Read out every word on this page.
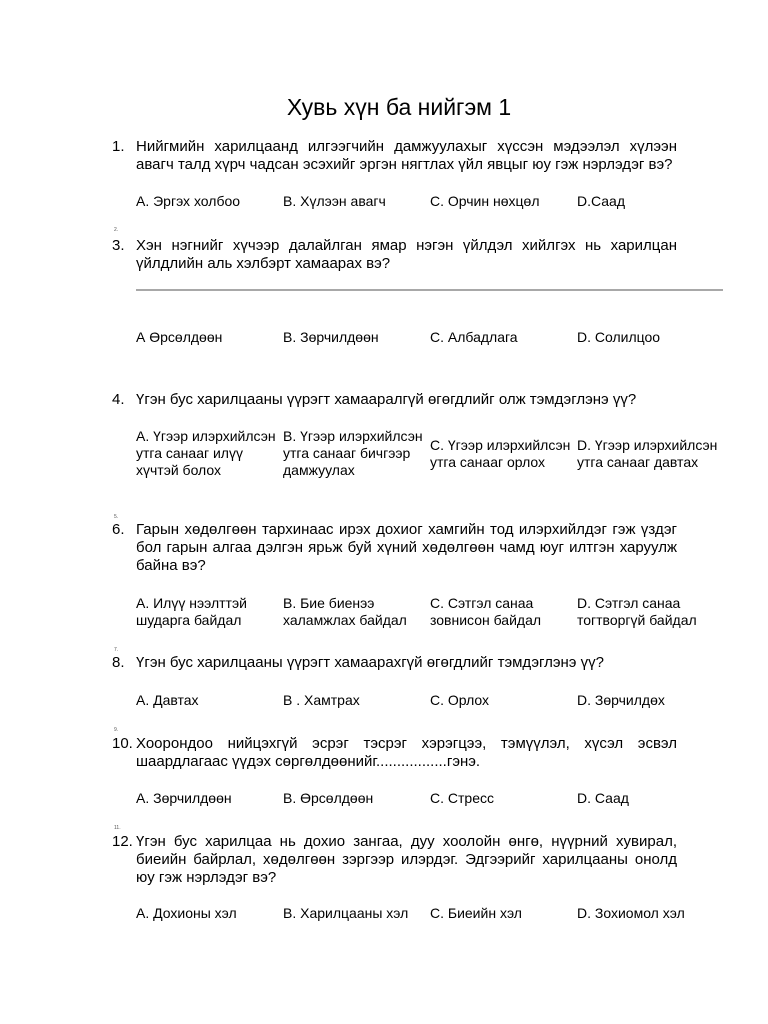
Хувь хүн ба нийгэм 1
1. Нийгмийн харилцаанд илгээгчийн дамжуулахыг хүссэн мэдээлэл хүлээн авагч талд хүрч чадсан эсэхийг эргэн нягтлах үйл явцыг юу гэж нэрлэдэг вэ?
А. Эргэх холбоо	В. Хүлээн авагч	С. Орчин нөхцөл	D.Саад
2.
3. Хэн нэгнийг хүчээр далайлган ямар нэгэн үйлдэл хийлгэх нь харилцан үйлдлийн аль хэлбэрт хамаарах вэ?
А Өрсөлдөөн	В. Зөрчилдөөн	С. Албадлага	D. Солилцоо
4. Үгэн бус харилцааны үүрэгт хамааралгүй өгөгдлийг олж тэмдэглэнэ үү?
А. Үгээр илэрхийлсэн утга санааг илүү хүчтэй болох
В. Үгээр илэрхийлсэн утга санааг бичгээр дамжуулах
С. Үгээр илэрхийлсэн утга санааг орлох
D. Үгээр илэрхийлсэн утга санааг давтах
5.
6. Гарын хөдөлгөөн тархинаас ирэх дохиог хамгийн тод илэрхийлдэг гэж үздэг бол гарын алгаа дэлгэн ярьж буй хүний хөдөлгөөн чамд юуг илтгэн харуулж байна вэ?
А. Илүү нээлттэй шударга байдал
В. Бие биенээ халамжлах байдал
С. Сэтгэл санаа зовнисон байдал
D. Сэтгэл санаа тогтворгүй байдал
7.
8. Үгэн бус харилцааны үүрэгт хамаарахгүй өгөгдлийг тэмдэглэнэ үү?
А. Давтах	В . Хамтрах	С. Орлох	D. Зөрчилдөх
9.
10. Хоорондоо нийцэхгүй эсрэг тэсрэг хэрэгцээ, тэмүүлэл, хүсэл эсвэл шаардлагаас үүдэх сөргөлдөөнийг.................гэнэ.
А. Зөрчилдөөн	В. Өрсөлдөөн	С. Стресс	D. Саад
11.
12. Үгэн бус харилцаа нь дохио зангаа, дуу хоолойн өнгө, нүүрний хувирал, биеийн байрлал, хөдөлгөөн зэргээр илэрдэг. Эдгээрийг харилцааны онолд юу гэж нэрлэдэг вэ?
А. Дохионы хэл	В. Харилцааны хэл	С. Биеийн хэл	D. Зохиомол хэл
